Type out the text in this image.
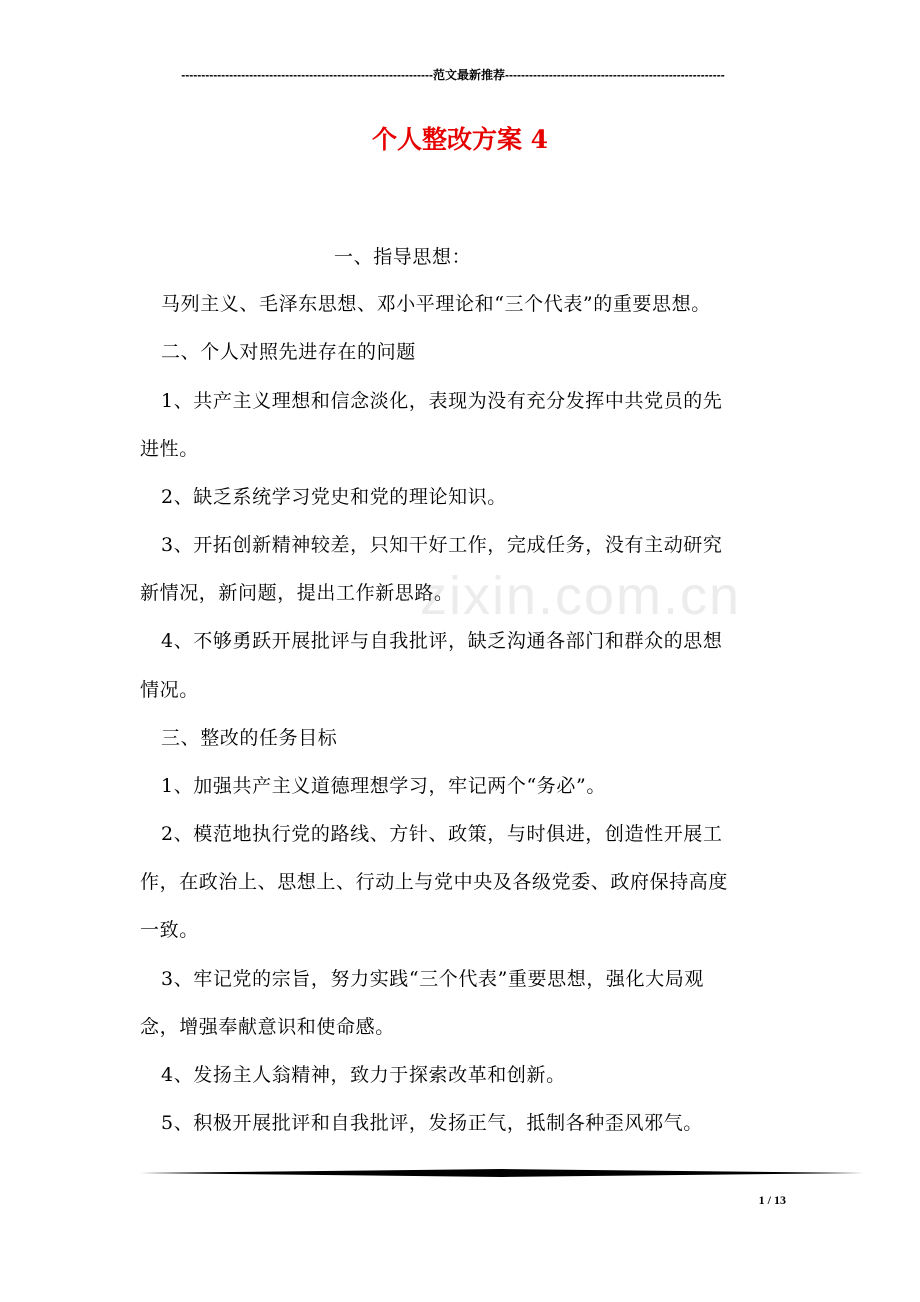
---------------------------------------------------------------范文最新推荐-------------------------------------------------------
个人整改方案 4
zixin.com.cn
一、指导思想：
马列主义、毛泽东思想、邓小平理论和“三个代表”的重要思想。
二、个人对照先进存在的问题
1、共产主义理想和信念淡化，表现为没有充分发挥中共党员的先
进性。
2、缺乏系统学习党史和党的理论知识。
3、开拓创新精神较差，只知干好工作，完成任务，没有主动研究
新情况，新问题，提出工作新思路。
4、不够勇跃开展批评与自我批评，缺乏沟通各部门和群众的思想
情况。
三、整改的任务目标
1、加强共产主义道德理想学习，牢记两个“务必”。
2、模范地执行党的路线、方针、政策，与时俱进，创造性开展工
作，在政治上、思想上、行动上与党中央及各级党委、政府保持高度
一致。
3、牢记党的宗旨，努力实践“三个代表”重要思想，强化大局观
念，增强奉献意识和使命感。
4、发扬主人翁精神，致力于探索改革和创新。
5、积极开展批评和自我批评，发扬正气，抵制各种歪风邪气。
1 / 13
